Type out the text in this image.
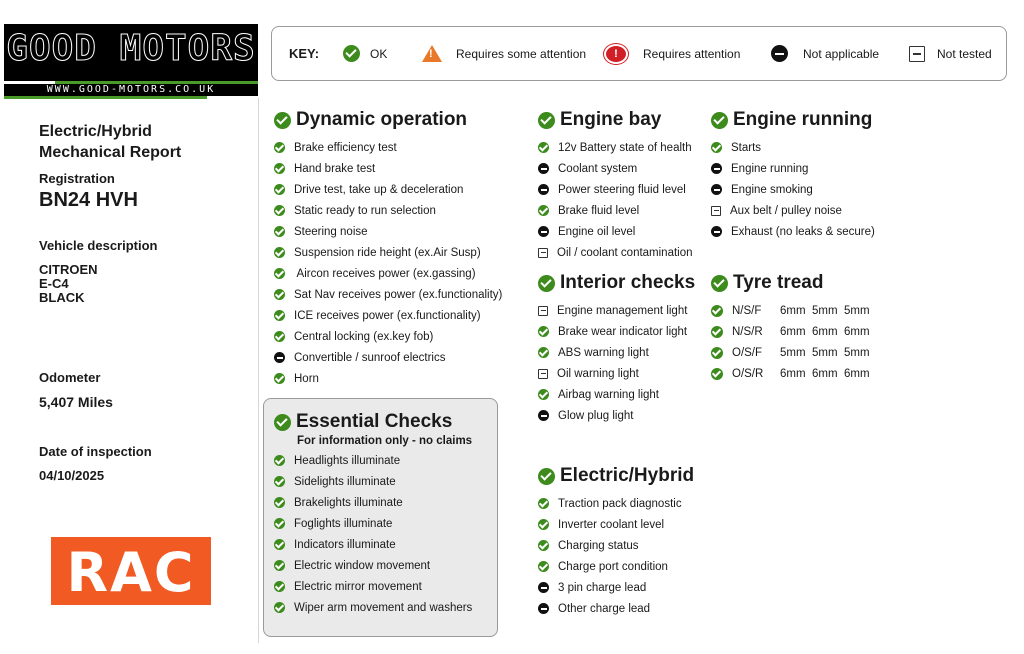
GOOD MOTORS
WWW.GOOD-MOTORS.CO.UK
Electric/Hybrid
Mechanical Report
Registration
BN24 HVH
Vehicle description
CITROEN
E-C4
BLACK
Odometer
5,407 Miles
Date of inspection
04/10/2025
RAC
KEY:	OK	! Requires some attention	!	Requires attention	Not applicable	Not tested
Dynamic operation
Brake efficiency test
Hand brake test
Drive test, take up & deceleration
Static ready to run selection
Steering noise
Suspension ride height (ex.Air Susp)
Aircon receives power (ex.gassing)
Sat Nav receives power (ex.functionality)
ICE receives power (ex.functionality)
Central locking (ex.key fob)
Convertible / sunroof electrics
Horn
Essential Checks
For information only - no claims
Headlights illuminate
Sidelights illuminate
Brakelights illuminate
Foglights illuminate
Indicators illuminate
Electric window movement
Electric mirror movement
Wiper arm movement and washers
Engine bay
12v Battery state of health
Coolant system
Power steering fluid level
Brake fluid level
Engine oil level
Oil / coolant contamination
Interior checks
Engine management light
Brake wear indicator light
ABS warning light
Oil warning light
Airbag warning light
Glow plug light
Electric/Hybrid
Traction pack diagnostic
Inverter coolant level
Charging status
Charge port condition
3 pin charge lead
Other charge lead
Engine running
Starts
Engine running
Engine smoking
Aux belt / pulley noise
Exhaust (no leaks & secure)
Tyre tread
N/S/F	6mm 5mm 5mm
N/S/R	6mm 6mm 6mm
O/S/F	5mm 5mm 5mm
O/S/R	6mm 6mm 6mm
